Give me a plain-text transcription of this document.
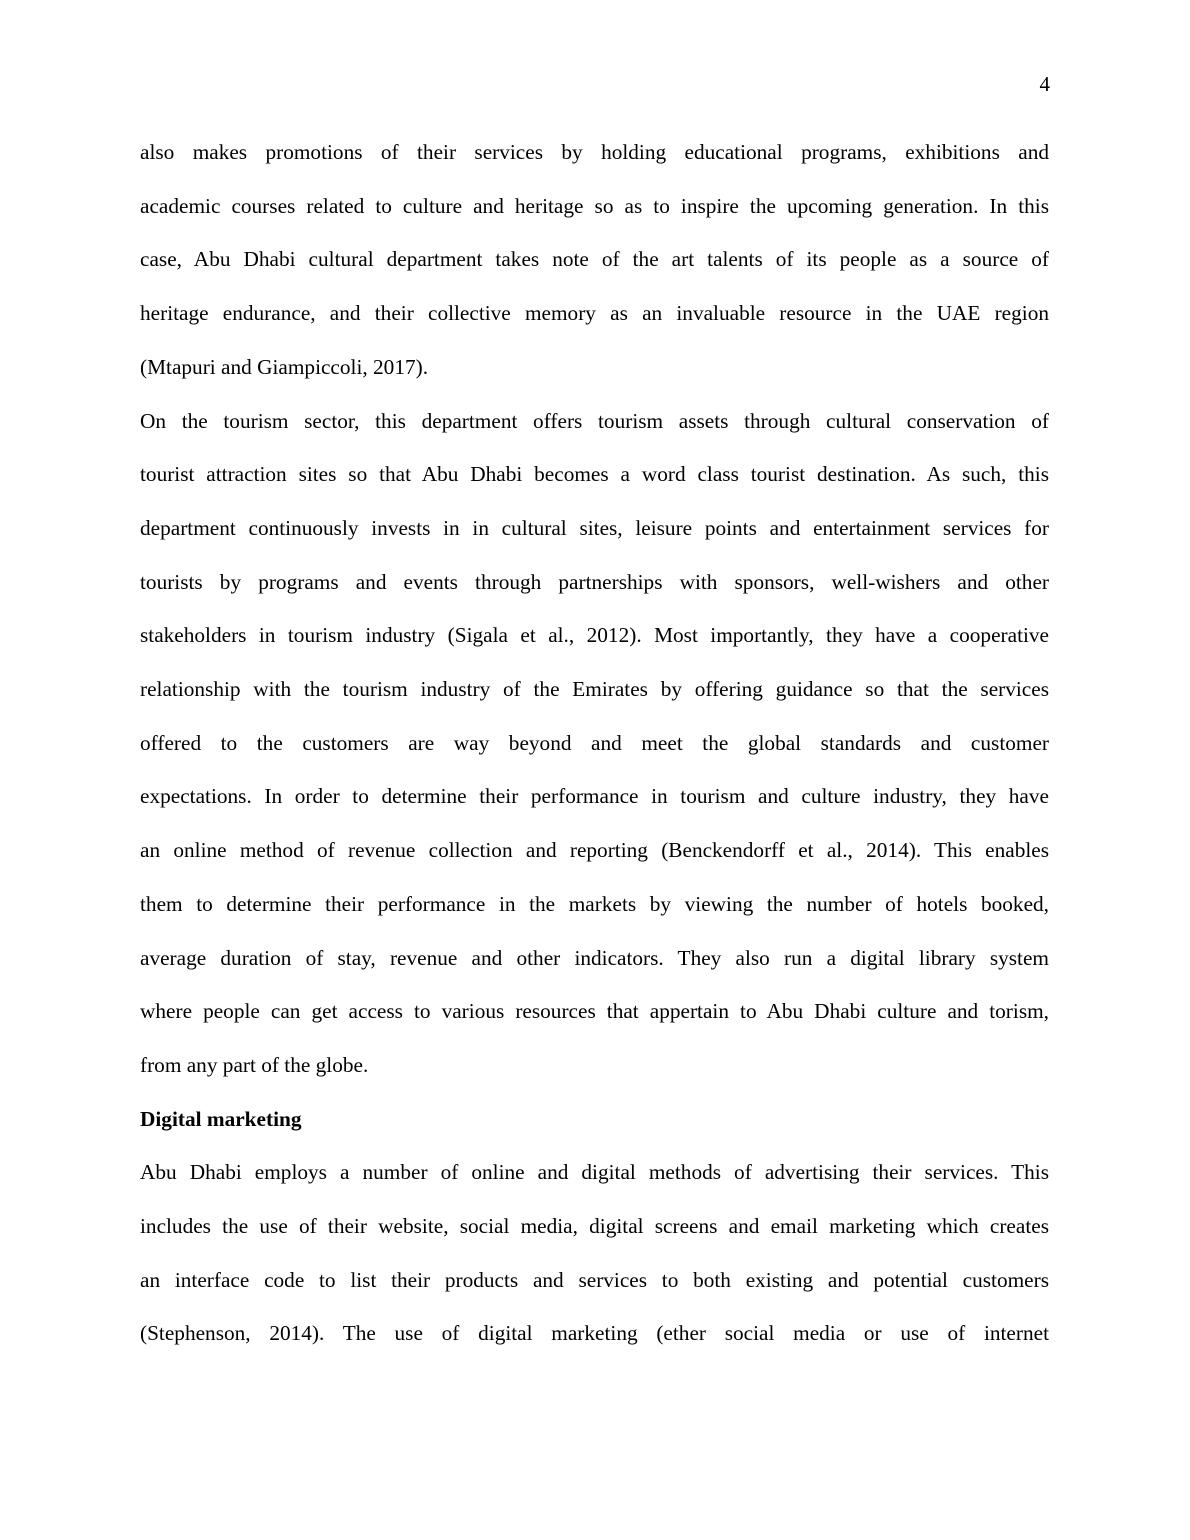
4

also makes promotions of their services by holding educational programs, exhibitions and
academic courses related to culture and heritage so as to inspire the upcoming generation. In this
case, Abu Dhabi cultural department takes note of the art talents of its people as a source of
heritage endurance, and their collective memory as an invaluable resource in the UAE region
(Mtapuri and Giampiccoli, 2017).

On the tourism sector, this department offers tourism assets through cultural conservation of
tourist attraction sites so that Abu Dhabi becomes a word class tourist destination. As such, this
department continuously invests in in cultural sites, leisure points and entertainment services for
tourists by programs and events through partnerships with sponsors, well-wishers and other
stakeholders in tourism industry (Sigala et al., 2012). Most importantly, they have a cooperative
relationship with the tourism industry of the Emirates by offering guidance so that the services
offered to the customers are way beyond and meet the global standards and customer
expectations. In order to determine their performance in tourism and culture industry, they have
an online method of revenue collection and reporting (Benckendorff et al., 2014). This enables
them to determine their performance in the markets by viewing the number of hotels booked,
average duration of stay, revenue and other indicators. They also run a digital library system
where people can get access to various resources that appertain to Abu Dhabi culture and torism,
from any part of the globe.

Digital marketing

Abu Dhabi employs a number of online and digital methods of advertising their services. This
includes the use of their website, social media, digital screens and email marketing which creates
an interface code to list their products and services to both existing and potential customers
(Stephenson, 2014). The use of digital marketing (ether social media or use of internet
